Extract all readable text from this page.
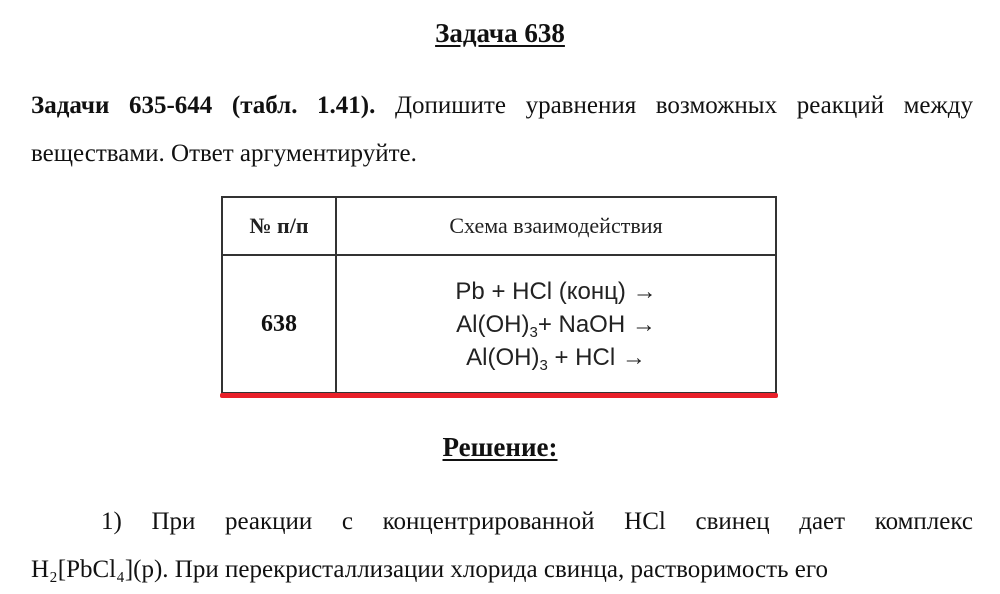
Задача 638
Задачи 635-644 (табл. 1.41). Допишите уравнения возможных реакций между веществами. Ответ аргументируйте.
№ п/п	Схема взаимодействия
638	Pb + HCl (конц) →
$Al(OH)_3+$ NaOH →
$Al(OH)_3$ + HCl →
Решение:
1) При реакции с концентрированной HCl свинец дает комплекс
H₂[PbCl₄](р). При перекристаллизации хлорида свинца, растворимость его
